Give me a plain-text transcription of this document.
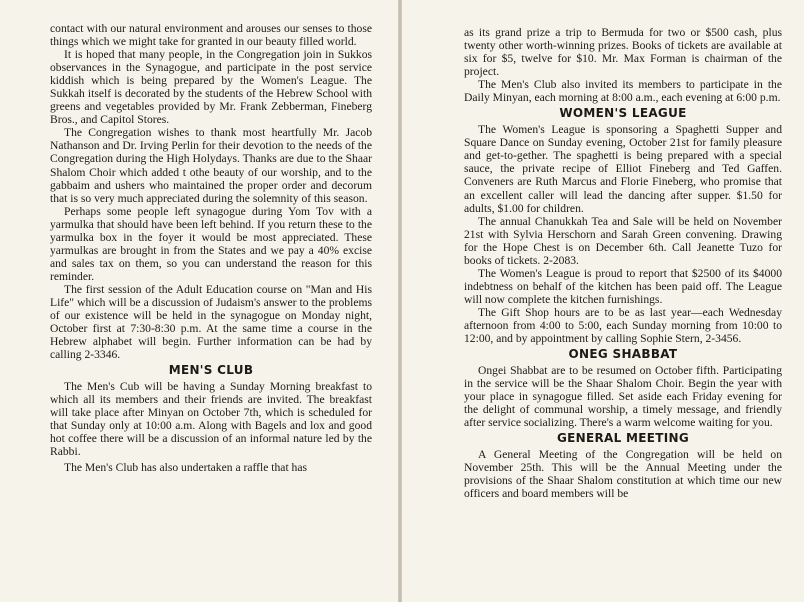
contact with our natural environment and arouses our senses to those things which we might take for granted in our beauty filled world.

It is hoped that many people, in the Congregation join in Sukkos observances in the Synagogue, and participate in the post service kiddish which is being prepared by the Women's League. The Sukkah itself is decorated by the students of the Hebrew School with greens and vegetables provided by Mr. Frank Zebberman, Fineberg Bros., and Capitol Stores.

The Congregation wishes to thank most heartfully Mr. Jacob Nathanson and Dr. Irving Perlin for their devotion to the needs of the Congregation during the High Holydays. Thanks are due to the Shaar Shalom Choir which added t othe beauty of our worship, and to the gabbaim and ushers who maintained the proper order and decorum that is so very much appreciated during the solemnity of this season.

Perhaps some people left synagogue during Yom Tov with a yarmulka that should have been left behind. If you return these to the yarmulka box in the foyer it would be most appreciated. These yarmulkas are brought in from the States and we pay a 40% excise and sales tax on them, so you can understand the reason for this reminder.

The first session of the Adult Education course on "Man and His Life" which will be a discussion of Judaism's answer to the problems of our existence will be held in the synagogue on Monday night, October first at 7:30-8:30 p.m. At the same time a course in the Hebrew alphabet will begin. Further information can be had by calling 2-3346.

MEN'S CLUB

The Men's Cub will be having a Sunday Morning breakfast to which all its members and their friends are invited. The breakfast will take place after Minyan on October 7th, which is scheduled for that Sunday only at 10:00 a.m. Along with Bagels and lox and good hot coffee there will be a discussion of an informal nature led by the Rabbi.

The Men's Club has also undertaken a raffle that has

as its grand prize a trip to Bermuda for two or $500 cash, plus twenty other worth-winning prizes. Books of tickets are available at six for $5, twelve for $10. Mr. Max Forman is chairman of the project.

The Men's Club also invited its members to participate in the Daily Minyan, each morning at 8:00 a.m., each evening at 6:00 p.m.

WOMEN'S LEAGUE

The Women's League is sponsoring a Spaghetti Supper and Square Dance on Sunday evening, October 21st for family pleasure and get-to-gether. The spaghetti is being prepared with a special sauce, the private recipe of Elliot Fineberg and Ted Gaffen. Conveners are Ruth Marcus and Florie Fineberg, who promise that an excellent caller will lead the dancing after supper. $1.50 for adults, $1.00 for children.

The annual Chanukkah Tea and Sale will be held on November 21st with Sylvia Herschorn and Sarah Green convening. Drawing for the Hope Chest is on December 6th. Call Jeanette Tuzo for books of tickets. 2-2083.

The Women's League is proud to report that $2500 of its $4000 indebtness on behalf of the kitchen has been paid off. The League will now complete the kitchen furnishings.

The Gift Shop hours are to be as last year—each Wednesday afternoon from 4:00 to 5:00, each Sunday morning from 10:00 to 12:00, and by appointment by calling Sophie Stern, 2-3456.

ONEG SHABBAT

Ongei Shabbat are to be resumed on October fifth. Participating in the service will be the Shaar Shalom Choir. Begin the year with your place in synagogue filled. Set aside each Friday evening for the delight of communal worship, a timely message, and friendly after service socializing. There's a warm welcome waiting for you.

GENERAL MEETING

A General Meeting of the Congregation will be held on November 25th. This will be the Annual Meeting under the provisions of the Shaar Shalom constitution at which time our new officers and board members will be
